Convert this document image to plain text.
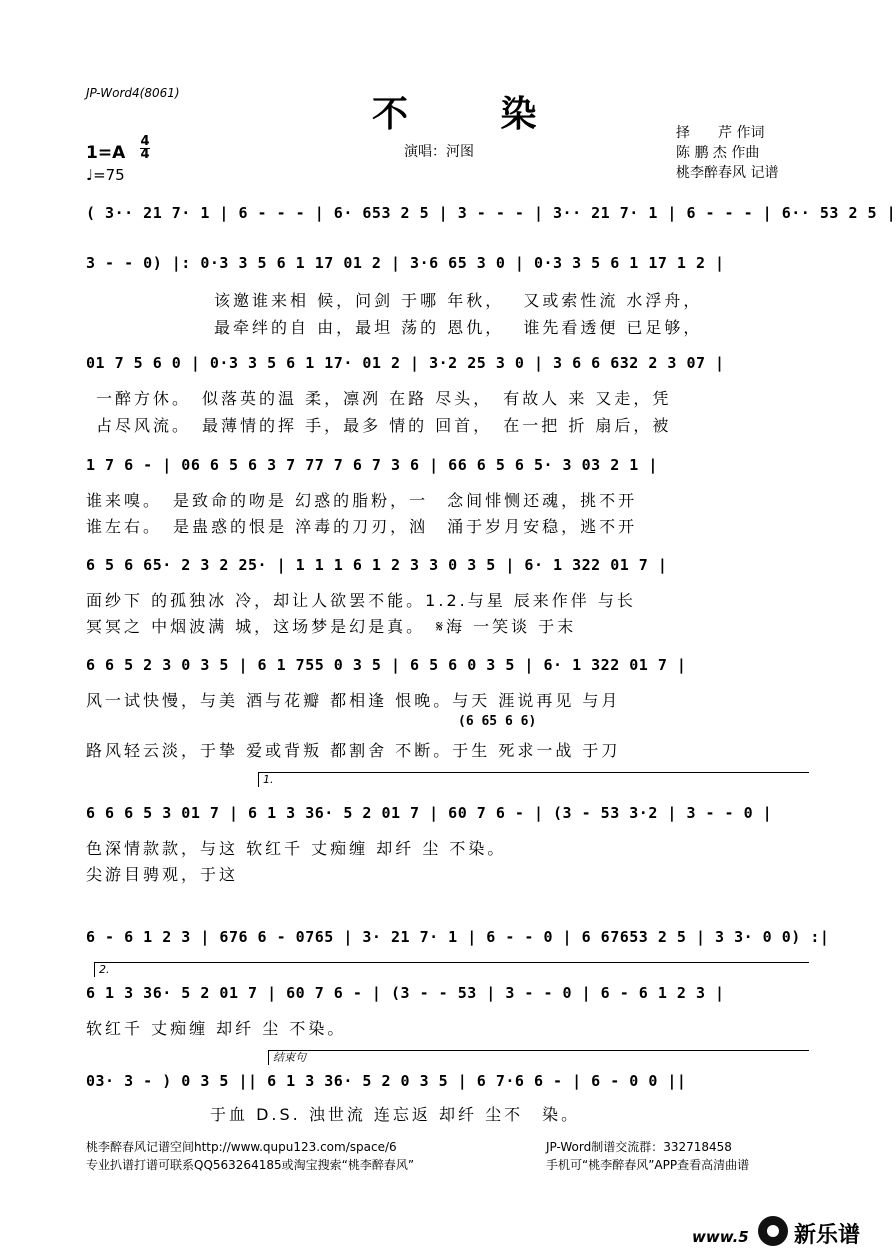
JP-Word4(8061)	不 染	择　　芹 作词
陈 鹏 杰 作曲
桃李醉春风 记谱
演唱：河图
1=A
4
4
♩=75
( 3·· 21 7· 1 | 6 - - - | 6· 653 2 5 | 3 - - - | 3·· 21 7· 1 | 6 - - - | 6·· 53 2 5 |
3 - - 0) |: 0·3 3 5 6 1 17 01 2 | 3·6 65 3 0 | 0·3 3 5 6 1 17 1 2 |
该邀谁来相 候，问剑 于哪 年秋，　 又或索性流 水浮舟，
最牵绊的自 由，最坦 荡的 恩仇，　 谁先看透便 已足够，
01 7 5 6 0 | 0·3 3 5 6 1 17· 01 2 | 3·2 25 3 0 | 3 6 6 632 2 3 07 |
一醉方休。　似落英的温 柔，凛冽 在路 尽头，　有故人 来 又走，凭
占尽风流。　最薄情的挥 手，最多 情的 回首，　在一把 折 扇后，被
1 7 6 - | 06 6 5 6 3 7 77 7 6 7 3 6 | 66 6 5 6 5· 3 03 2 1 |
谁来嗅。　是致命的吻是 幻惑的脂粉，一　念间悱恻还魂，挑不开
谁左右。　是蛊惑的恨是 淬毒的刀刃，汹　涌于岁月安稳，逃不开
6 5 6 65· 2 3 2 25· | 1 1 1 6 1 2 3 3 0 3 5 | 6· 1 322 01 7 |
面纱下 的孤独冰 冷，却让人欲罢不能。1.2.与星 辰来作伴 与长
冥冥之 中烟波满 城，这场梦是幻是真。　𝄋海 一笑谈 于末
6 6 5 2 3 0 3 5 | 6 1 755 0 3 5 | 6 5 6 0 3 5 | 6· 1 322 01 7 |
风一试快慢，与美 酒与花瓣 都相逢 恨晚。与天 涯说再见 与月
(6 65 6 6)
路风轻云淡，于挚 爱或背叛 都割舍 不断。于生 死求一战 于刀
1.
6 6 6 5 3 01 7 | 6 1 3 36· 5 2 01 7 | 60 7 6 - | (3 - 53 3·2 | 3 - - 0 |
色深情款款，与这 软红千 丈痴缠 却纤 尘 不染。
尖游目骋观，于这
6 - 6 1 2 3 | 676 6 - 0765 | 3· 21 7· 1 | 6 - - 0 | 6 67653 2 5 | 3 3· 0 0) :|
2.
6 1 3 36· 5 2 01 7 | 60 7 6 - | (3 - - 53 | 3 - - 0 | 6 - 6 1 2 3 |
软红千 丈痴缠 却纤 尘 不染。
结束句
03· 3 - ) 0 3 5 || 6 1 3 36· 5 2 0 3 5 | 6 7·6 6 - | 6 - 0 0 ||
于血 D.S. 浊世流 连忘返 却纤 尘不　染。
桃李醉春风记谱空间http://www.qupu123.com/space/6
专业扒谱打谱可联系QQ563264185或淘宝搜索“桃李醉春风”
JP-Word制谱交流群：332718458
手机可“桃李醉春风”APP查看高清曲谱
www.5 新乐谱
